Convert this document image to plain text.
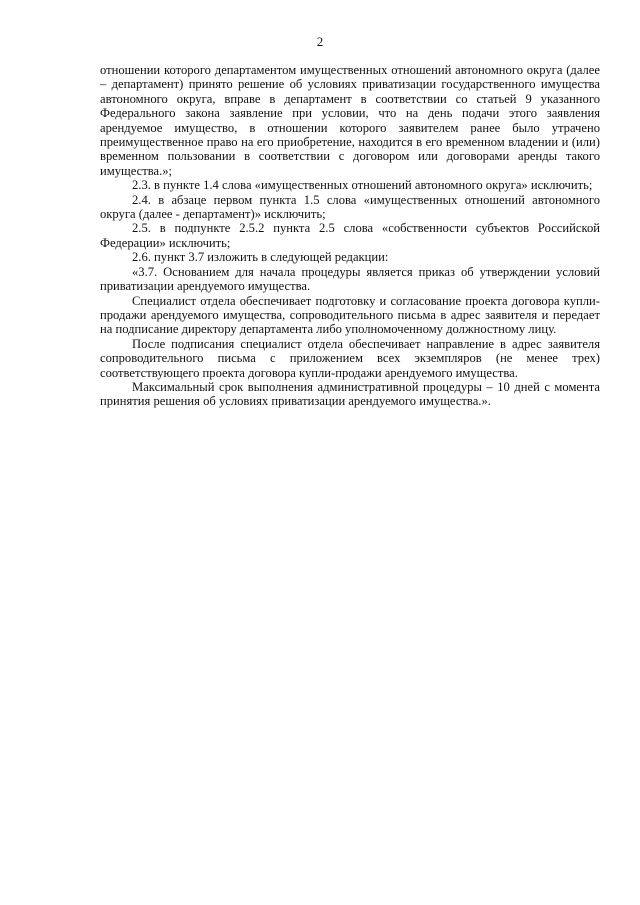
2

отношении которого департаментом имущественных отношений автономного округа (далее – департамент) принято решение об условиях приватизации государственного имущества автономного округа, вправе в департамент в соответствии со статьей 9 указанного Федерального закона заявление при условии, что на день подачи этого заявления арендуемое имущество, в отношении которого заявителем ранее было утрачено преимущественное право на его приобретение, находится в его временном владении и (или) временном пользовании в соответствии с договором или договорами аренды такого имущества.»;

2.3. в пункте 1.4 слова «имущественных отношений автономного округа» исключить;

2.4. в абзаце первом пункта 1.5 слова «имущественных отношений автономного округа (далее - департамент)» исключить;

2.5. в подпункте 2.5.2 пункта 2.5 слова «собственности субъектов Российской Федерации» исключить;

2.6. пункт 3.7 изложить в следующей редакции:

«3.7. Основанием для начала процедуры является приказ об утверждении условий приватизации арендуемого имущества.

Специалист отдела обеспечивает подготовку и согласование проекта договора купли-продажи арендуемого имущества, сопроводительного письма в адрес заявителя и передает на подписание директору департамента либо уполномоченному должностному лицу.

После подписания специалист отдела обеспечивает направление в адрес заявителя сопроводительного письма с приложением всех экземпляров (не менее трех) соответствующего проекта договора купли-продажи арендуемого имущества.

Максимальный срок выполнения административной процедуры – 10 дней с момента принятия решения об условиях приватизации арендуемого имущества.».
